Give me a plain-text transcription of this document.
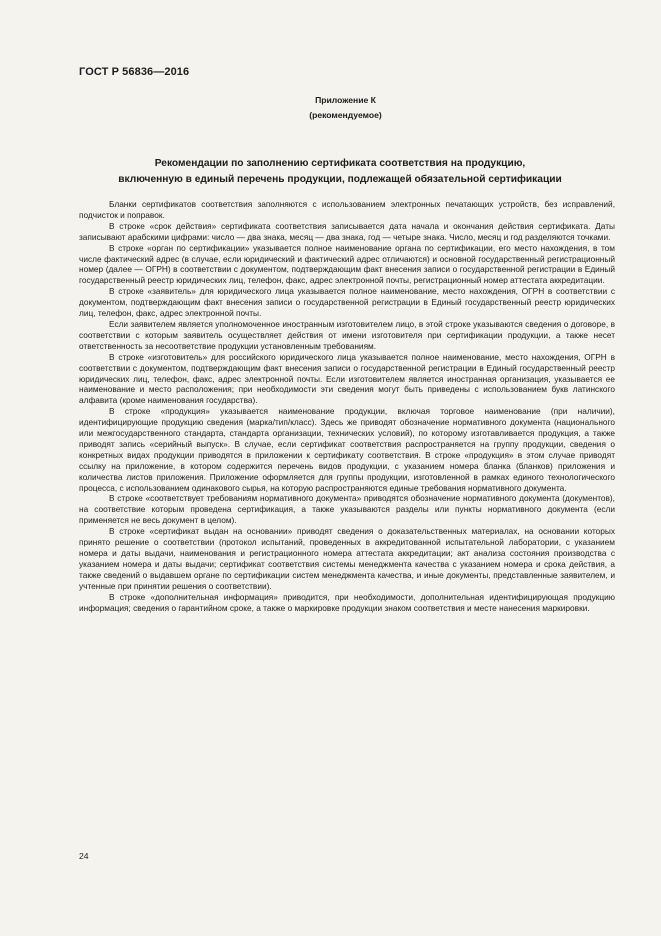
ГОСТ Р 56836—2016
Приложение К
(рекомендуемое)
Рекомендации по заполнению сертификата соответствия на продукцию,
включенную в единый перечень продукции, подлежащей обязательной сертификации

Бланки сертификатов соответствия заполняются с использованием электронных печатающих устройств, без исправлений, подчисток и поправок.

В строке «срок действия» сертификата соответствия записывается дата начала и окончания действия сертификата. Даты записывают арабскими цифрами: число — два знака, месяц — два знака, год — четыре знака. Число, месяц и год разделяются точками.

В строке «орган по сертификации» указывается полное наименование органа по сертификации, его место нахождения, в том числе фактический адрес (в случае, если юридический и фактический адрес отличаются) и основной государственный регистрационный номер (далее — ОГРН) в соответствии с документом, подтверждающим факт внесения записи о государственной регистрации в Единый государственный реестр юридических лиц, телефон, факс, адрес электронной почты, регистрационный номер аттестата аккредитации.

В строке «заявитель» для юридического лица указывается полное наименование, место нахождения, ОГРН в соответствии с документом, подтверждающим факт внесения записи о государственной регистрации в Единый государственный реестр юридических лиц, телефон, факс, адрес электронной почты.

Если заявителем является уполномоченное иностранным изготовителем лицо, в этой строке указываются сведения о договоре, в соответствии с которым заявитель осуществляет действия от имени изготовителя при сертификации продукции, а также несет ответственность за несоответствие продукции установленным требованиям.

В строке «изготовитель» для российского юридического лица указывается полное наименование, место нахождения, ОГРН в соответствии с документом, подтверждающим факт внесения записи о государственной регистрации в Единый государственный реестр юридических лиц, телефон, факс, адрес электронной почты. Если изготовителем является иностранная организация, указывается ее наименование и место расположения; при необходимости эти сведения могут быть приведены с использованием букв латинского алфавита (кроме наименования государства).

В строке «продукция» указывается наименование продукции, включая торговое наименование (при наличии), идентифицирующие продукцию сведения (марка/тип/класс). Здесь же приводят обозначение нормативного документа (национального или межгосударственного стандарта, стандарта организации, технических условий), по которому изготавливается продукция, а также приводят запись «серийный выпуск». В случае, если сертификат соответствия распространяется на группу продукции, сведения о конкретных видах продукции приводятся в приложении к сертификату соответствия. В строке «продукция» в этом случае приводят ссылку на приложение, в котором содержится перечень видов продукции, с указанием номера бланка (бланков) приложения и количества листов приложения. Приложение оформляется для группы продукции, изготовленной в рамках единого технологического процесса, с использованием одинакового сырья, на которую распространяются единые требования нормативного документа.

В строке «соответствует требованиям нормативного документа» приводятся обозначение нормативного документа (документов), на соответствие которым проведена сертификация, а также указываются разделы или пункты нормативного документа (если применяется не весь документ в целом).

В строке «сертификат выдан на основании» приводят сведения о доказательственных материалах, на основании которых принято решение о соответствии (протокол испытаний, проведенных в аккредитованной испытательной лаборатории, с указанием номера и даты выдачи, наименования и регистрационного номера аттестата аккредитации; акт анализа состояния производства с указанием номера и даты выдачи; сертификат соответствия системы менеджмента качества с указанием номера и срока действия, а также сведений о выдавшем органе по сертификации систем менеджмента качества, и иные документы, представленные заявителем, и учтенные при принятии решения о соответствии).

В строке «дополнительная информация» приводится, при необходимости, дополнительная идентифицирующая продукцию информация; сведения о гарантийном сроке, а также о маркировке продукции знаком соответствия и месте нанесения маркировки.

24
